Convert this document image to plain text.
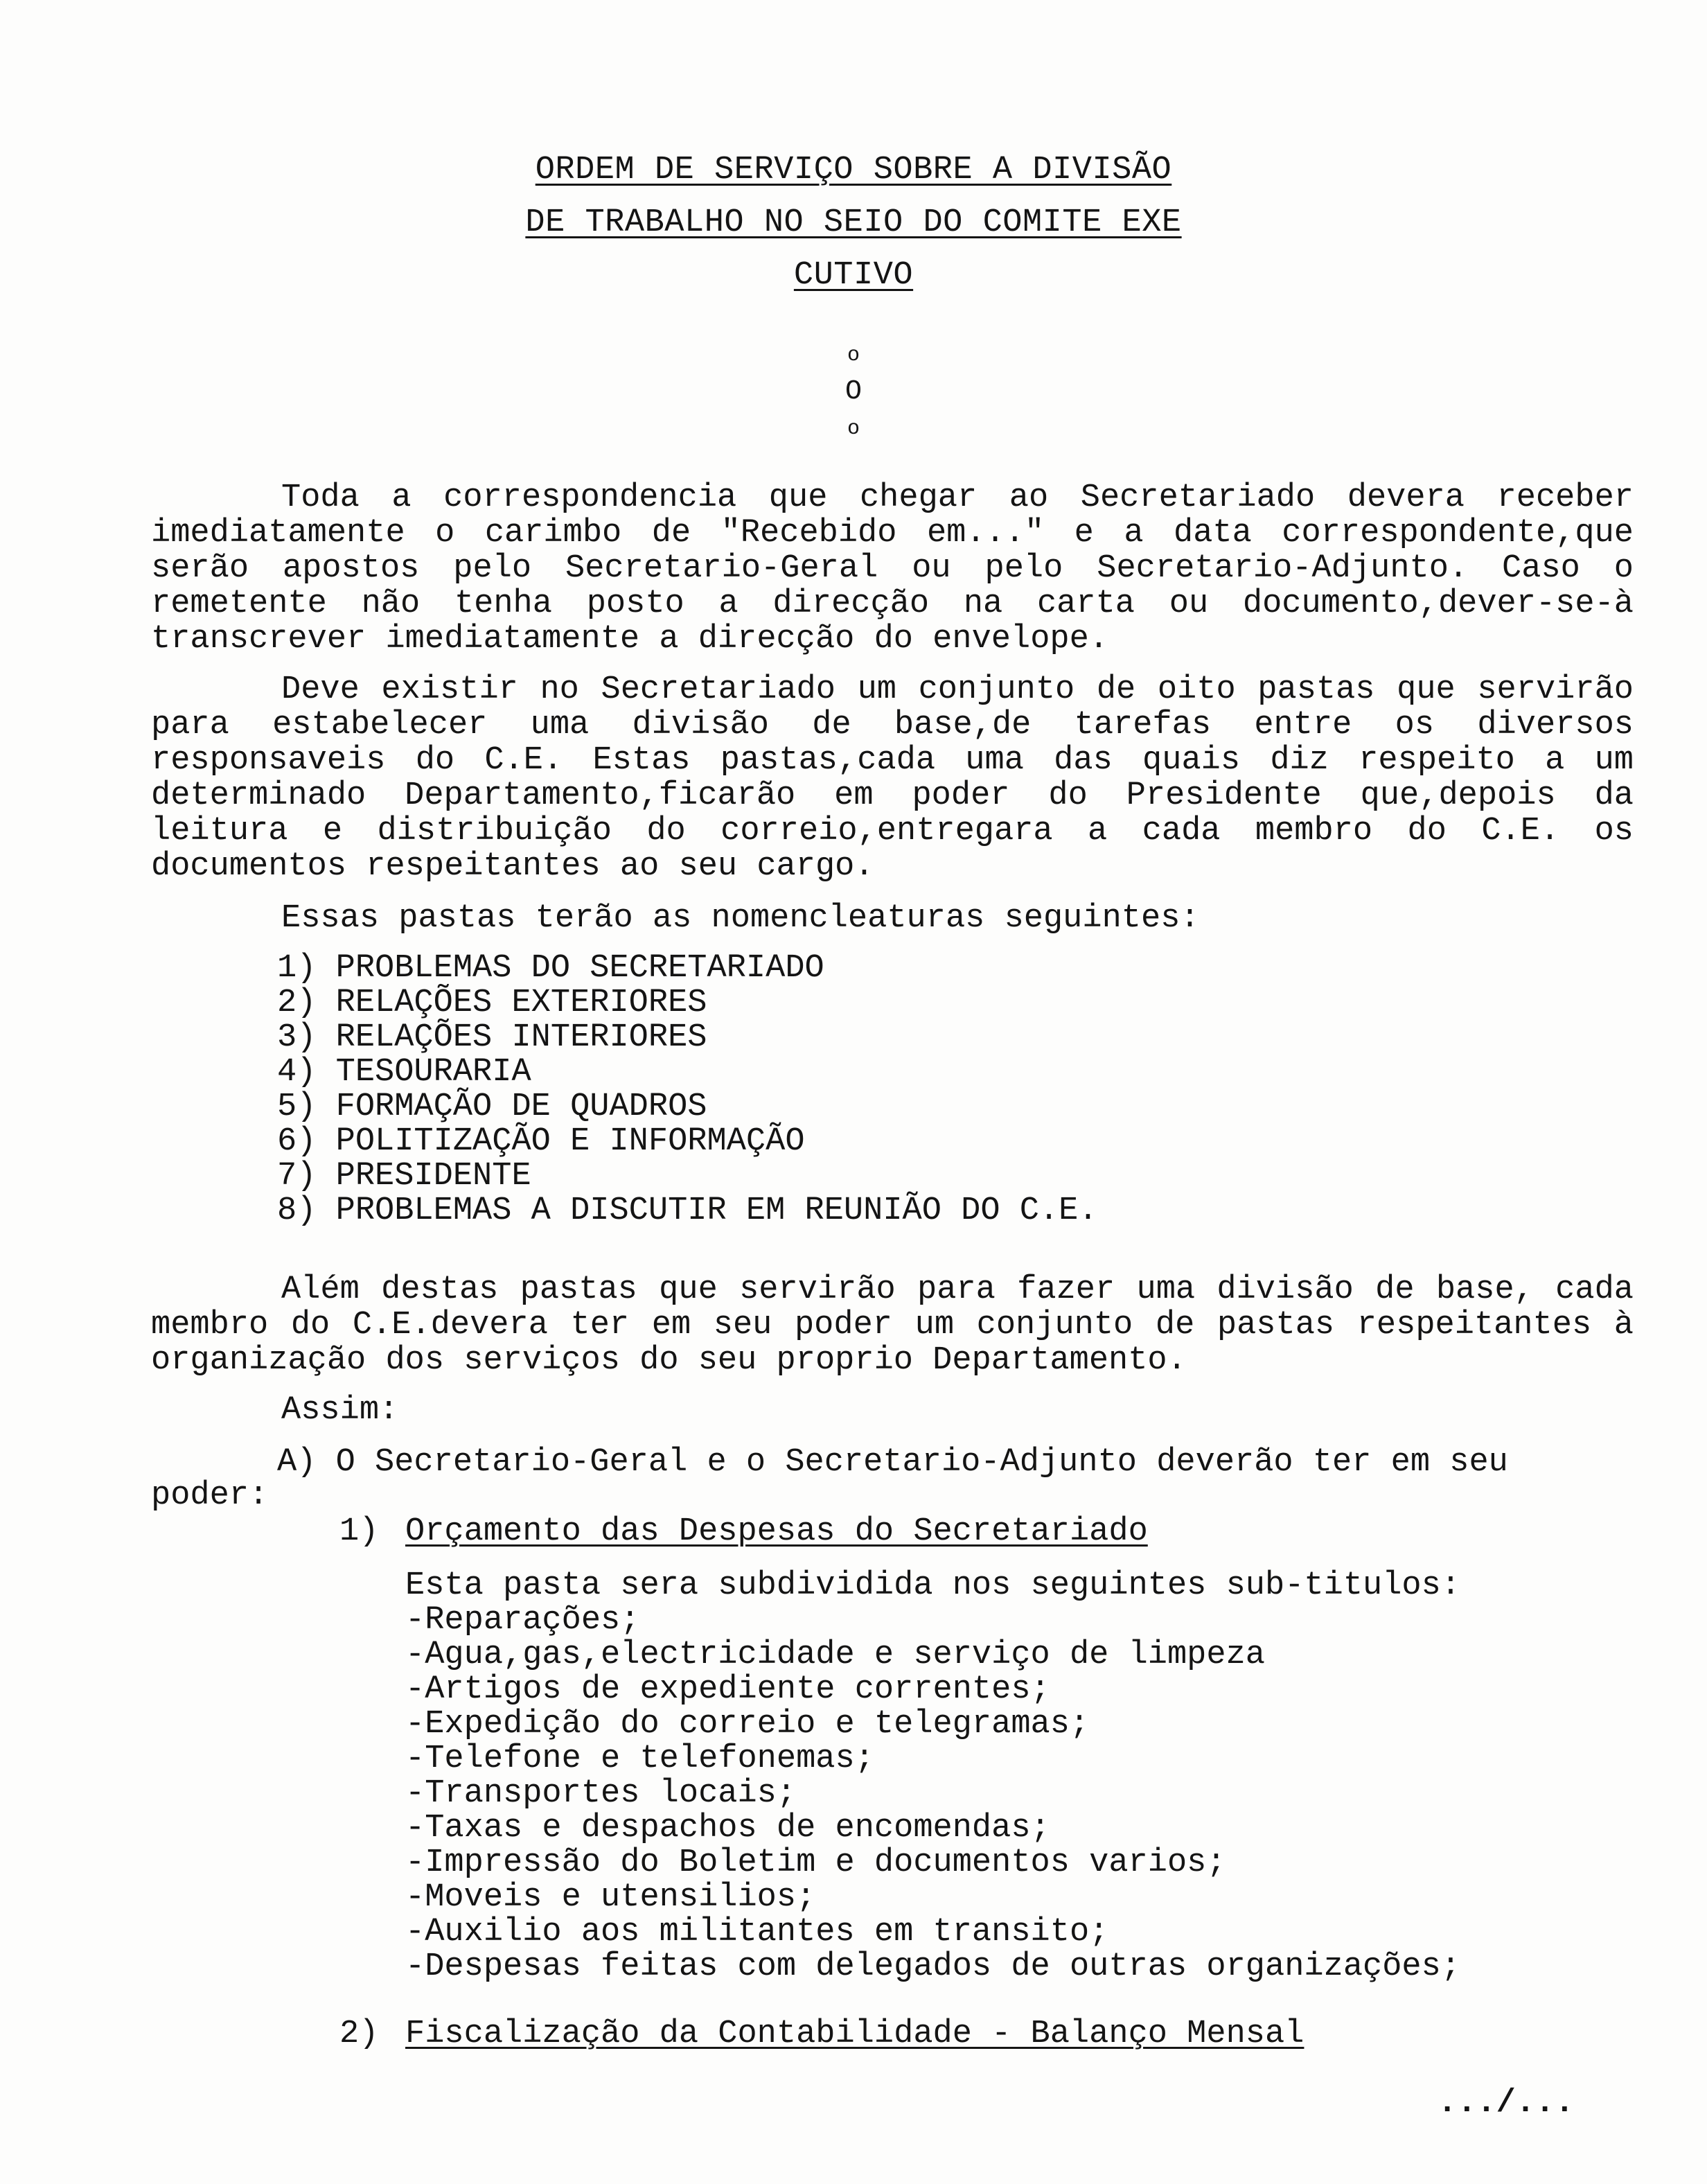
ORDEM DE SERVIÇO SOBRE A DIVISÃO
DE TRABALHO NO SEIO DO COMITE EXE
CUTIVO
o
O
o

Toda a correspondencia que chegar ao Secretariado devera receber imediatamente o carimbo de "Recebido em..." e a data correspondente,que serão apostos pelo Secretario-Geral ou pelo Secretario-Adjunto. Caso o remetente não tenha posto a direcção na carta ou documento,dever-se-à transcrever imediatamente a direcção do envelope.

Deve existir no Secretariado um conjunto de oito pastas que servirão para estabelecer uma divisão de base,de tarefas entre os diversos responsaveis do C.E. Estas pastas,cada uma das quais diz respeito a um determinado Departamento,ficarão em poder do Presidente que,depois da leitura e distribuição do correio,entregara a cada membro do C.E. os documentos respeitantes ao seu cargo.

Essas pastas terão as nomencleaturas seguintes:

1) PROBLEMAS DO SECRETARIADO
2) RELAÇÕES EXTERIORES
3) RELAÇÕES INTERIORES
4) TESOURARIA
5) FORMAÇÃO DE QUADROS
6) POLITIZAÇÃO E INFORMAÇÃO
7) PRESIDENTE
8) PROBLEMAS A DISCUTIR EM REUNIÃO DO C.E.

Além destas pastas que servirão para fazer uma divisão de base, cada membro do C.E.devera ter em seu poder um conjunto de pastas respeitantes à organização dos serviços do seu proprio Departamento.

Assim:

A) O Secretario-Geral e o Secretario-Adjunto deverão ter em seu
poder:
1) Orçamento das Despesas do Secretariado
Esta pasta sera subdividida nos seguintes sub-titulos:
-Reparações;
-Agua,gas,electricidade e serviço de limpeza
-Artigos de expediente correntes;
-Expedição do correio e telegramas;
-Telefone e telefonemas;
-Transportes locais;
-Taxas e despachos de encomendas;
-Impressão do Boletim e documentos varios;
-Moveis e utensilios;
-Auxilio aos militantes em transito;
-Despesas feitas com delegados de outras organizações;
2) Fiscalização da Contabilidade - Balanço Mensal
.../...
